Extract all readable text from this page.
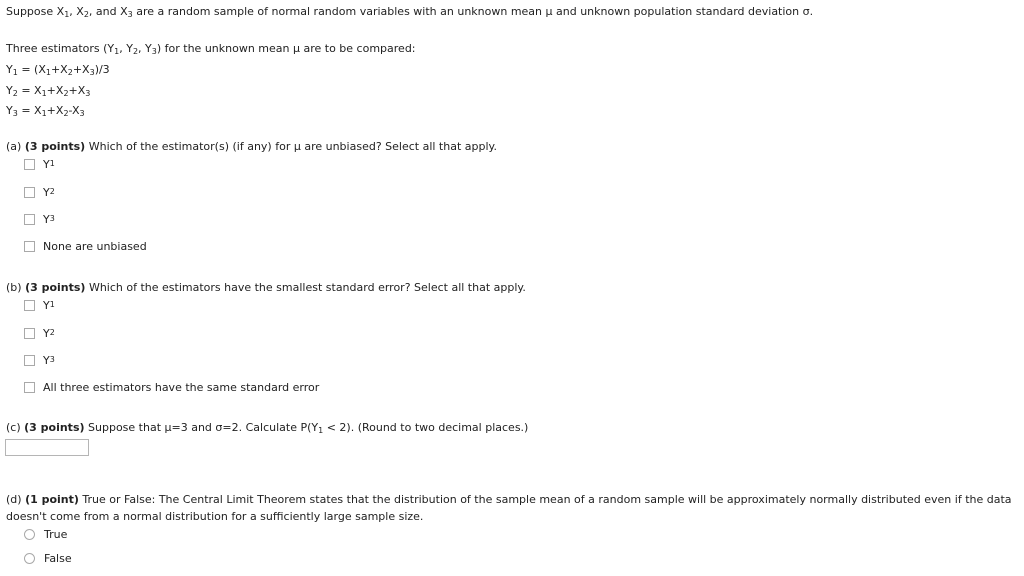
Suppose $X_1$, $X_2$, and $X_3$ are a random sample of normal random variables with an unknown mean μ and unknown population standard deviation σ.
Three estimators ($Y_1$, $Y_2$, $Y_3$) for the unknown mean μ are to be compared:
$Y_1 = (X_1+X_2+X_3)/3$
$Y_2 = X_1+X_2+X_3$
$Y_3 = X_1+X_2-X_3$
(a) (3 points) Which of the estimator(s) (if any) for μ are unbiased? Select all that apply.
Y 1
Y 2
Y 3
None are unbiased
(b) (3 points) Which of the estimators have the smallest standard error? Select all that apply.
Y 1
Y 2
Y 3
All three estimators have the same standard error
(c) (3 points) Suppose that μ=3 and σ=2. Calculate $P(Y_1 < 2)$. (Round to two decimal places.)
(d) (1 point) True or False: The Central Limit Theorem states that the distribution of the sample mean of a random sample will be approximately normally distributed even if the data doesn't come from a normal distribution for a sufficiently large sample size.
True
False
